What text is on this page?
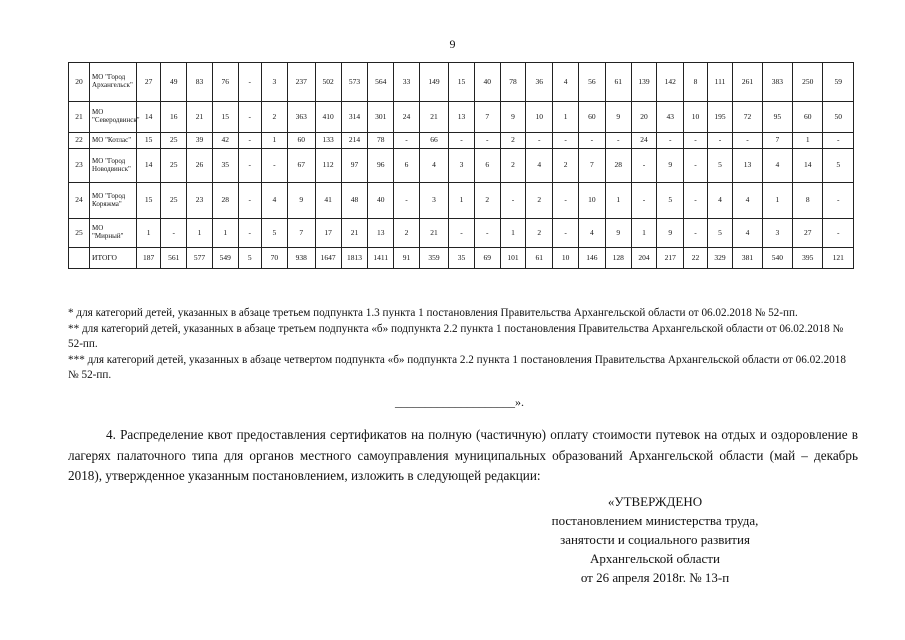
9
20	МО "Город Архангельск"	27	49	83	76	-	3	237	502	573	564	33	149	15	40	78	36	4	56	61	139	142	8	111	261	383	250	59
21	МО "Северодвинск"	14	16	21	15	-	2	363	410	314	301	24	21	13	7	9	10	1	60	9	20	43	10	195	72	95	60	50
22	МО "Котлас"	15	25	39	42	-	1	60	133	214	78	-	66	-	-	2	-	-	-	-	24	-	-	-	-	7	1	-
23	МО "Город Новодвинск"	14	25	26	35	-	-	67	112	97	96	6	4	3	6	2	4	2	7	28	-	9	-	5	13	4	14	5
24	МО "Город Коряжма"	15	25	23	28	-	4	9	41	48	40	-	3	1	2	-	2	-	10	1	-	5	-	4	4	1	8	-
25	МО "Мирный"	1	-	1	1	-	5	7	17	21	13	2	21	-	-	1	2	-	4	9	1	9	-	5	4	3	27	-
	ИТОГО	187	561	577	549	5	70	938	1647	1813	1411	91	359	35	69	101	61	10	146	128	204	217	22	329	381	540	395	121

* для категорий детей, указанных в абзаце третьем подпункта 1.3 пункта 1 постановления Правительства Архангельской области от 06.02.2018 № 52-пп.

** для категорий детей, указанных в абзаце третьем подпункта «б» подпункта 2.2 пункта 1 постановления Правительства Архангельской области от 06.02.2018 № 52-пп.

*** для категорий детей, указанных в абзаце четвертом подпункта «б» подпункта 2.2 пункта 1 постановления Правительства Архангельской области от 06.02.2018 № 52-пп.

____________________».

4. Распределение квот предоставления сертификатов на полную (частичную) оплату стоимости путевок на отдых и оздоровление в лагерях палаточного типа для органов местного самоуправления муниципальных образований Архангельской области (май – декабрь 2018), утвержденное указанным постановлением, изложить в следующей редакции:

«УТВЕРЖДЕНО
постановлением министерства труда,
занятости и социального развития
Архангельской области
от 26 апреля 2018г. № 13-п
